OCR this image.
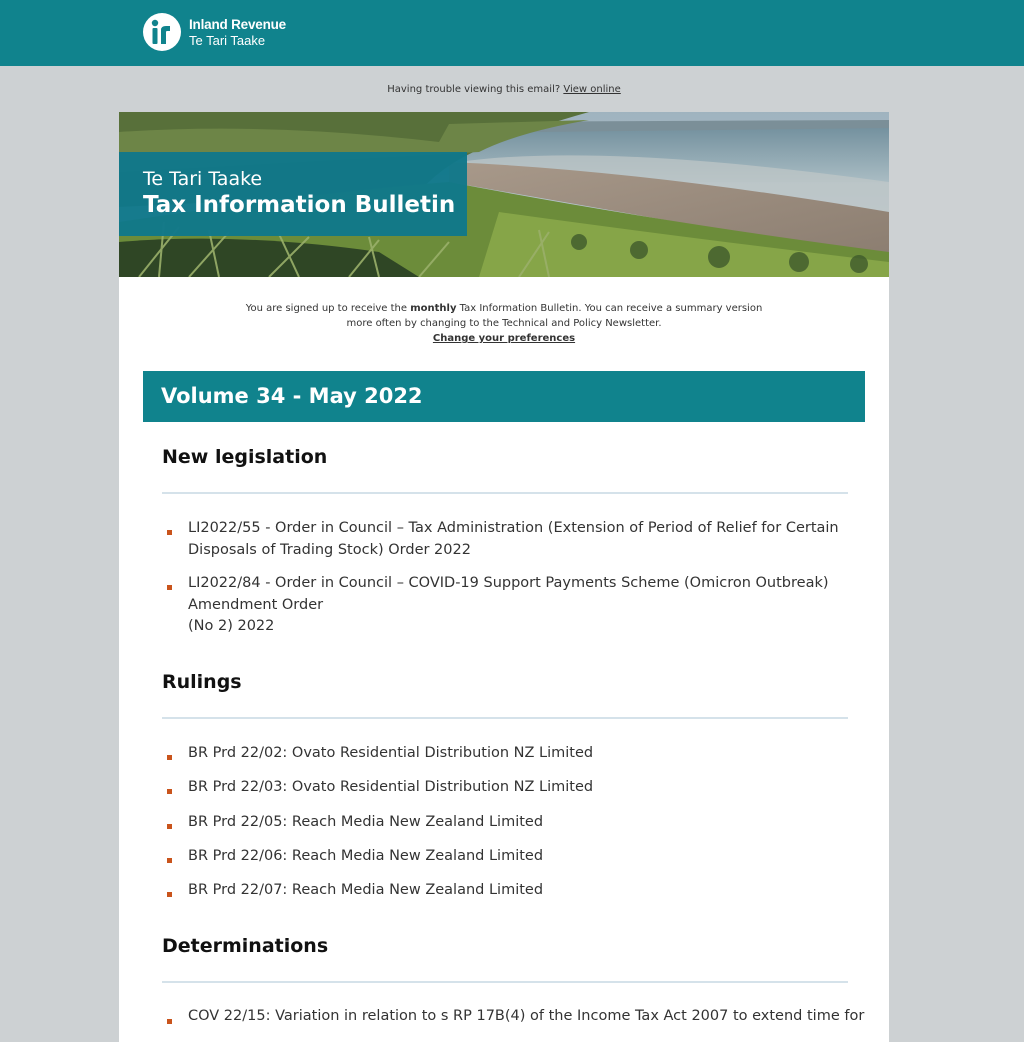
Inland Revenue
Te Tari Taake
Having trouble viewing this email? View online
Te Tari Taake
Tax Information Bulletin
You are signed up to receive the monthly Tax Information Bulletin. You can receive a summary version more often by changing to the Technical and Policy Newsletter.
Change your preferences
Volume 34 - May 2022
New legislation
LI2022/55 - Order in Council – Tax Administration (Extension of Period of Relief for Certain
Disposals of Trading Stock) Order 2022
LI2022/84 - Order in Council – COVID-19 Support Payments Scheme (Omicron Outbreak)
Amendment Order
(No 2) 2022
Rulings
BR Prd 22/02: Ovato Residential Distribution NZ Limited
BR Prd 22/03: Ovato Residential Distribution NZ Limited
BR Prd 22/05: Reach Media New Zealand Limited
BR Prd 22/06: Reach Media New Zealand Limited
BR Prd 22/07: Reach Media New Zealand Limited
Determinations
COV 22/15: Variation in relation to s RP 17B(4) of the Income Tax Act 2007 to extend time for
